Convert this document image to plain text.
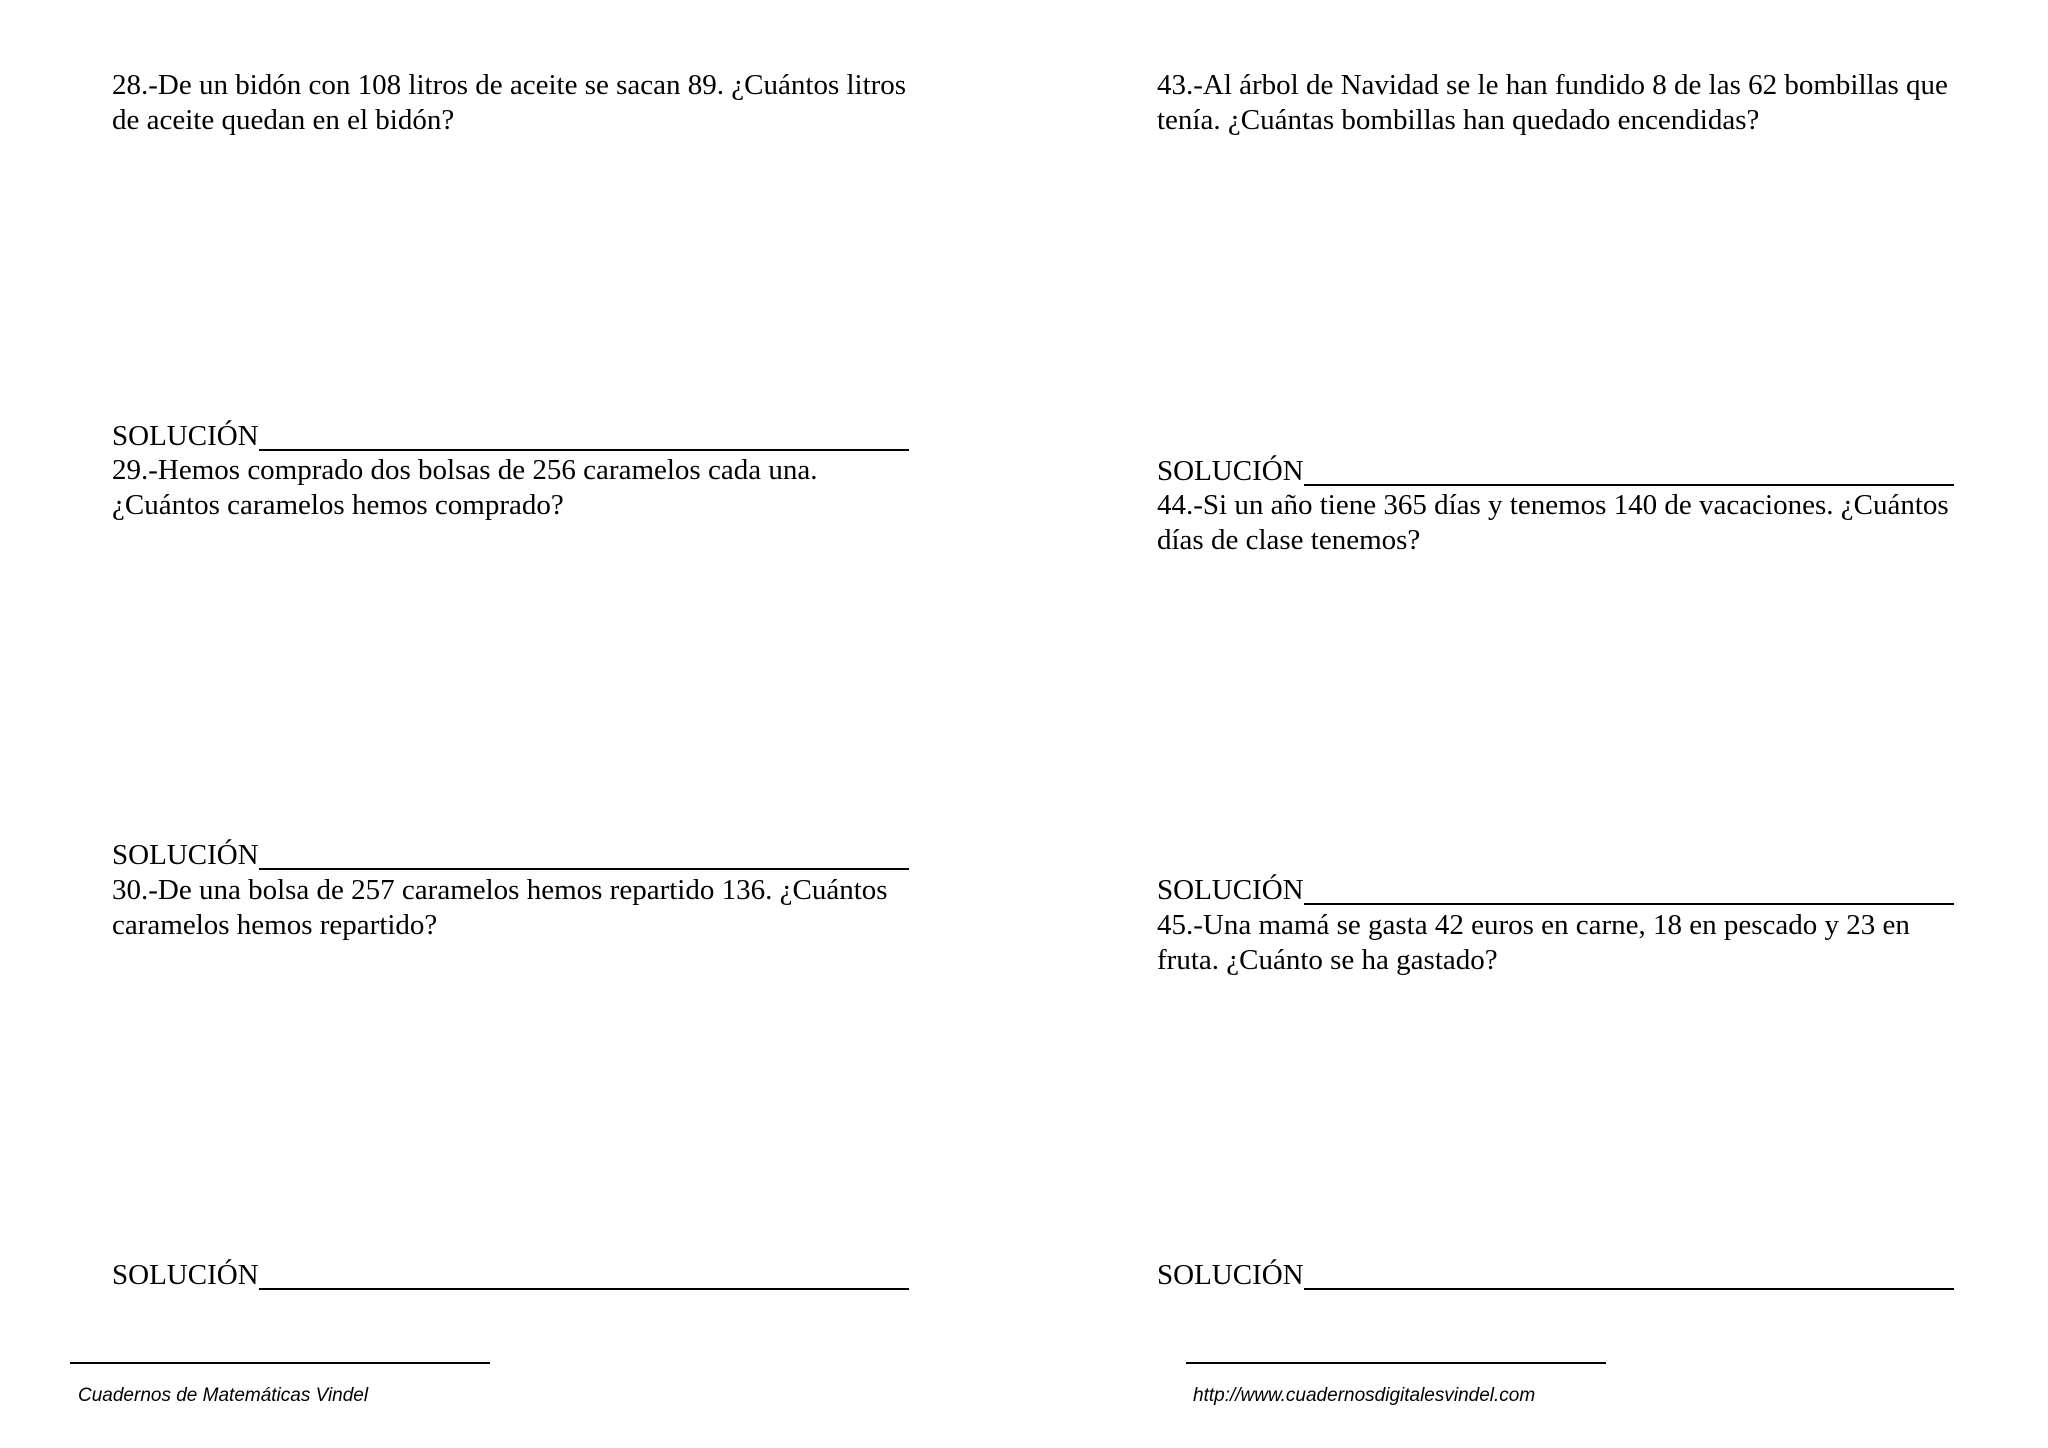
28.-De un bidón con 108 litros de aceite se sacan 89. ¿Cuántos litros de aceite quedan en el bidón?

SOLUCIÓN

29.-Hemos comprado dos bolsas de 256 caramelos cada una. ¿Cuántos caramelos hemos comprado?

SOLUCIÓN

30.-De una bolsa de 257 caramelos hemos repartido 136. ¿Cuántos caramelos hemos repartido?

SOLUCIÓN

43.-Al árbol de Navidad se le han fundido 8 de las 62 bombillas que tenía. ¿Cuántas bombillas han quedado encendidas?

SOLUCIÓN

44.-Si un año tiene 365 días y tenemos 140 de vacaciones. ¿Cuántos días de clase tenemos?

SOLUCIÓN

45.-Una mamá se gasta 42 euros en carne, 18 en pescado y 23 en fruta. ¿Cuánto se ha gastado?

SOLUCIÓN
Cuadernos de Matemáticas Vindel	http://www.cuadernosdigitalesvindel.com
